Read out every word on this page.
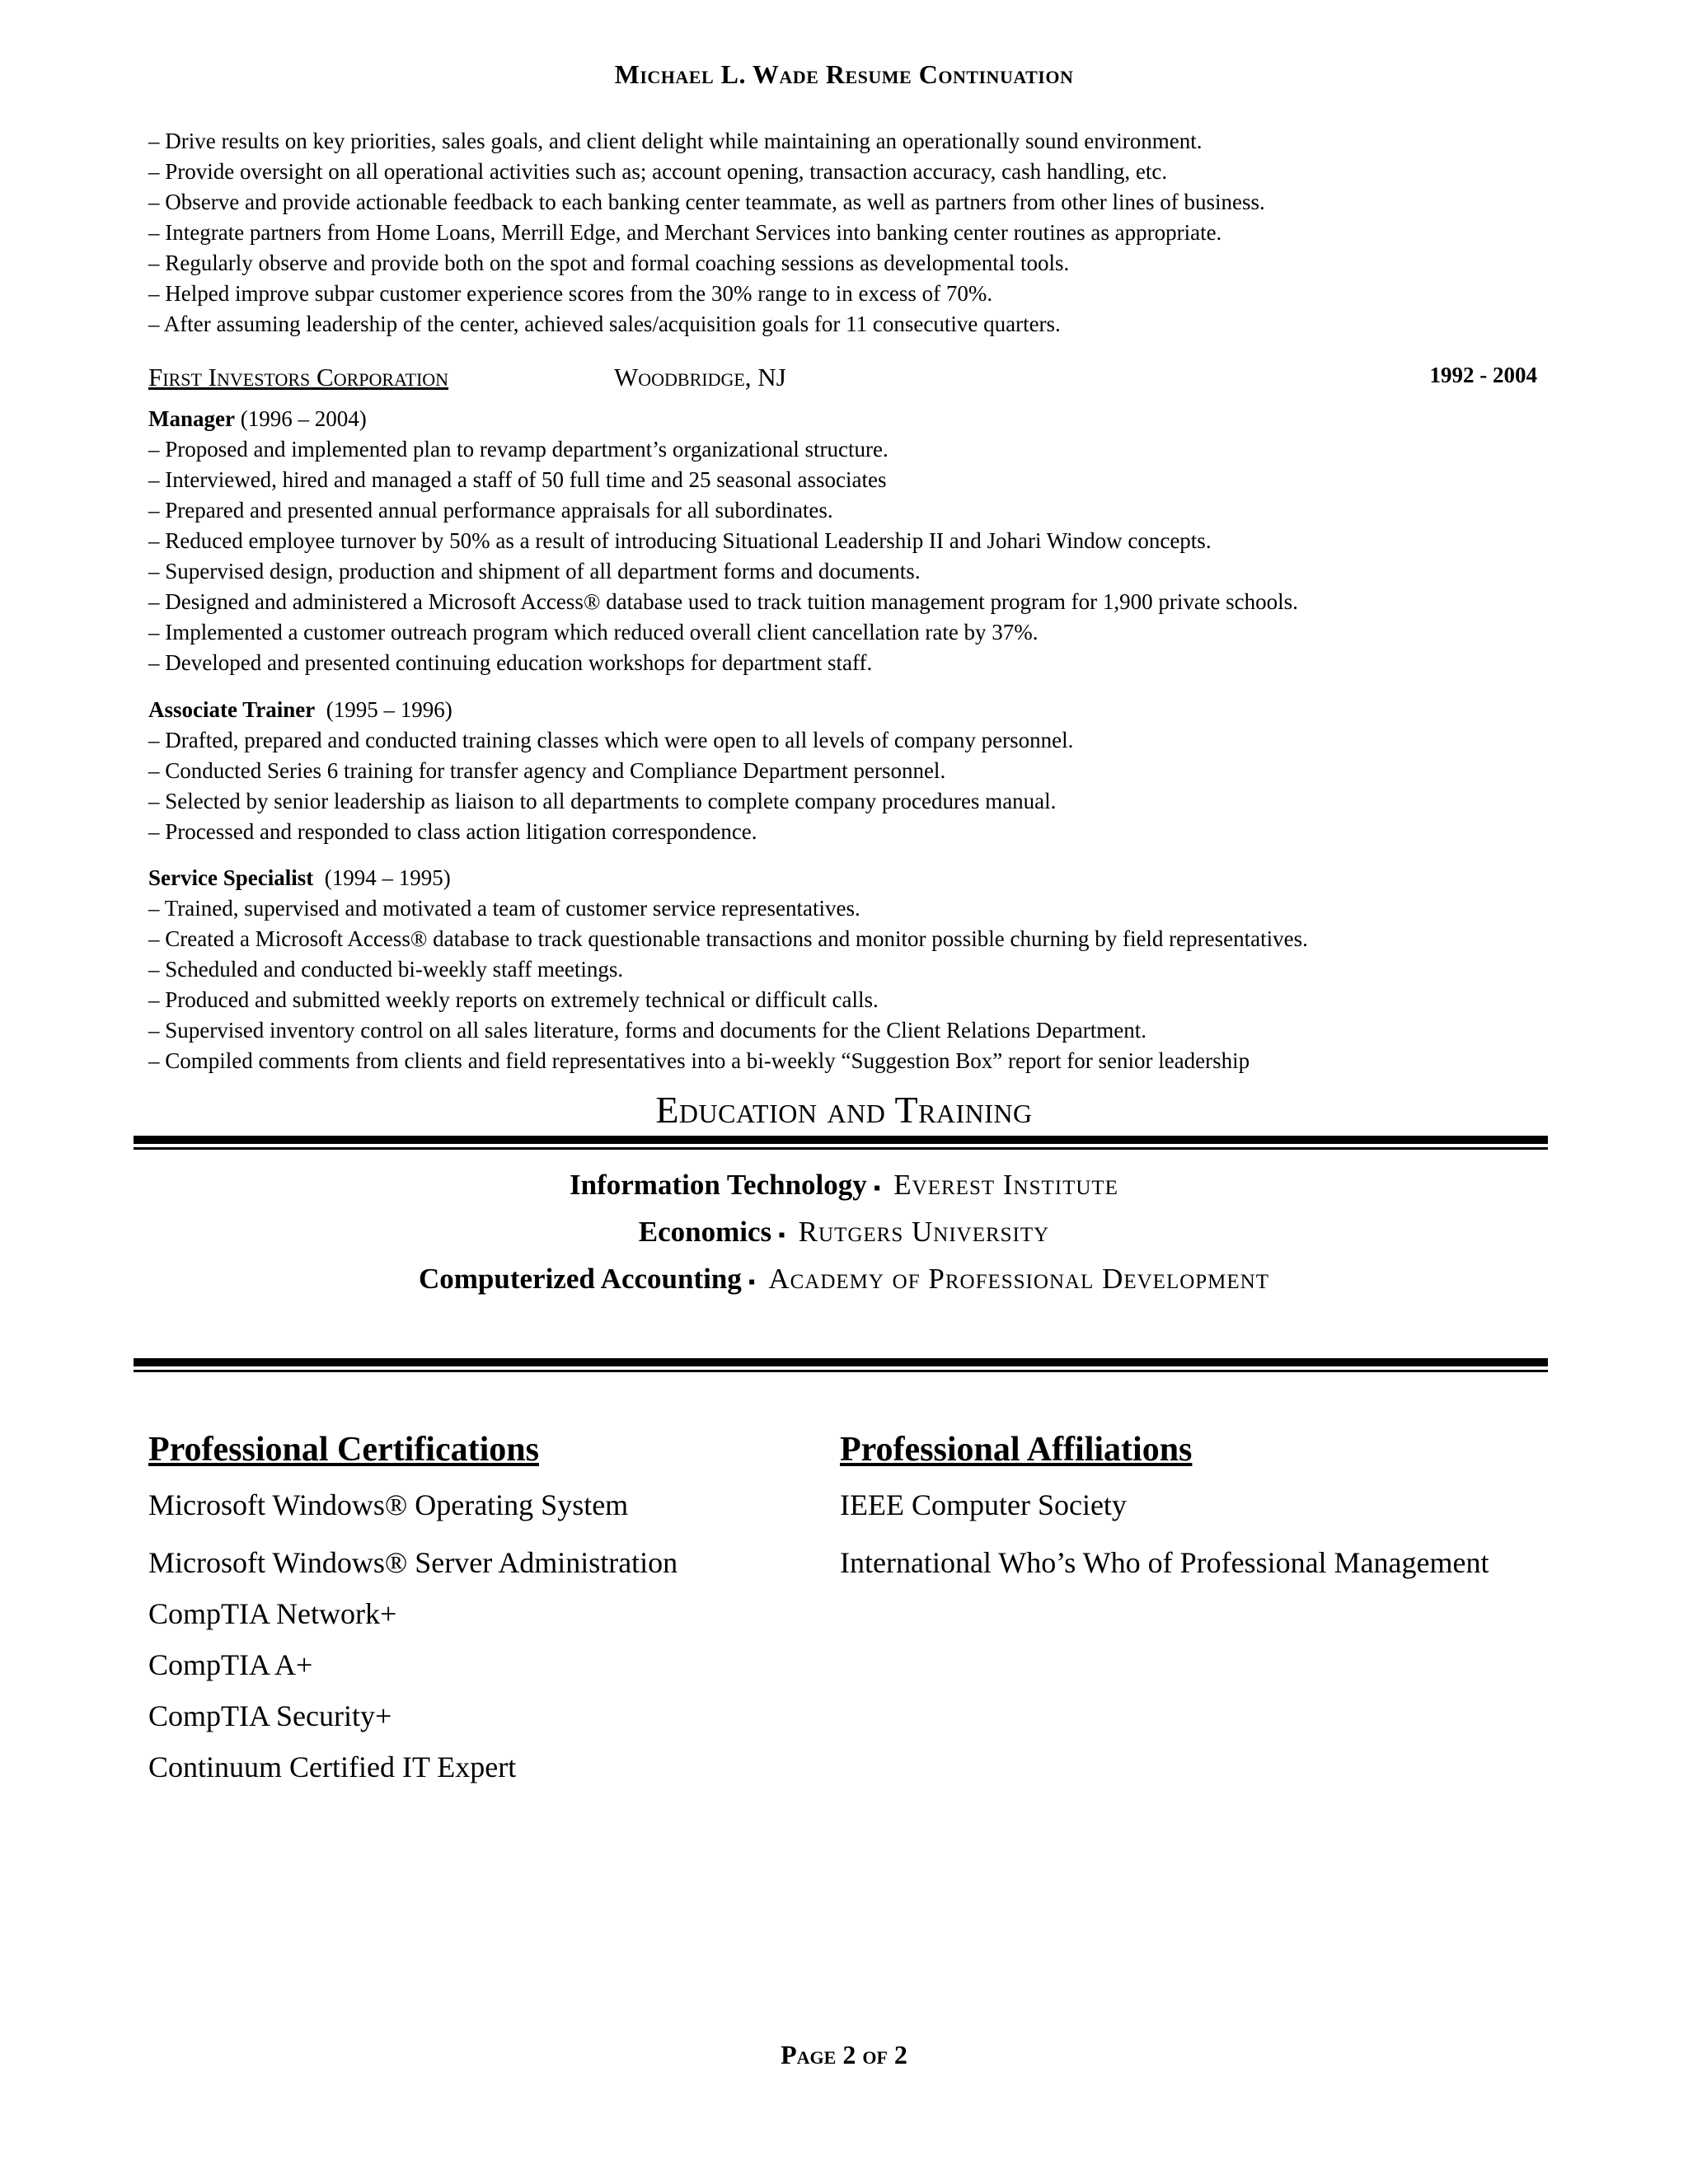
Michael L. Wade Resume Continuation
– Drive results on key priorities, sales goals, and client delight while maintaining an operationally sound environment.
– Provide oversight on all operational activities such as; account opening, transaction accuracy, cash handling, etc.
– Observe and provide actionable feedback to each banking center teammate, as well as partners from other lines of business.
– Integrate partners from Home Loans, Merrill Edge, and Merchant Services into banking center routines as appropriate.
– Regularly observe and provide both on the spot and formal coaching sessions as developmental tools.
– Helped improve subpar customer experience scores from the 30% range to in excess of 70%.
– After assuming leadership of the center, achieved sales/acquisition goals for 11 consecutive quarters.
First Investors Corporation	Woodbridge, NJ	1992 - 2004
Manager (1996 – 2004)
– Proposed and implemented plan to revamp department’s organizational structure.
– Interviewed, hired and managed a staff of 50 full time and 25 seasonal associates
– Prepared and presented annual performance appraisals for all subordinates.
– Reduced employee turnover by 50% as a result of introducing Situational Leadership II and Johari Window concepts.
– Supervised design, production and shipment of all department forms and documents.
– Designed and administered a Microsoft Access® database used to track tuition management program for 1,900 private schools.
– Implemented a customer outreach program which reduced overall client cancellation rate by 37%.
– Developed and presented continuing education workshops for department staff.
Associate Trainer  (1995 – 1996)
– Drafted, prepared and conducted training classes which were open to all levels of company personnel.
– Conducted Series 6 training for transfer agency and Compliance Department personnel.
– Selected by senior leadership as liaison to all departments to complete company procedures manual.
– Processed and responded to class action litigation correspondence.
Service Specialist  (1994 – 1995)
– Trained, supervised and motivated a team of customer service representatives.
– Created a Microsoft Access® database to track questionable transactions and monitor possible churning by field representatives.
– Scheduled and conducted bi-weekly staff meetings.
– Produced and submitted weekly reports on extremely technical or difficult calls.
– Supervised inventory control on all sales literature, forms and documents for the Client Relations Department.
– Compiled comments from clients and field representatives into a bi-weekly “Suggestion Box” report for senior leadership
Education and Training
Information Technology ▪ Everest Institute
Economics ▪ Rutgers University
Computerized Accounting ▪ Academy of Professional Development
Professional Certifications
Microsoft Windows® Operating System
Microsoft Windows® Server Administration
CompTIA Network+
CompTIA A+
CompTIA Security+
Continuum Certified IT Expert
Professional Affiliations
IEEE Computer Society
International Who’s Who of Professional Management
Page 2 of 2
